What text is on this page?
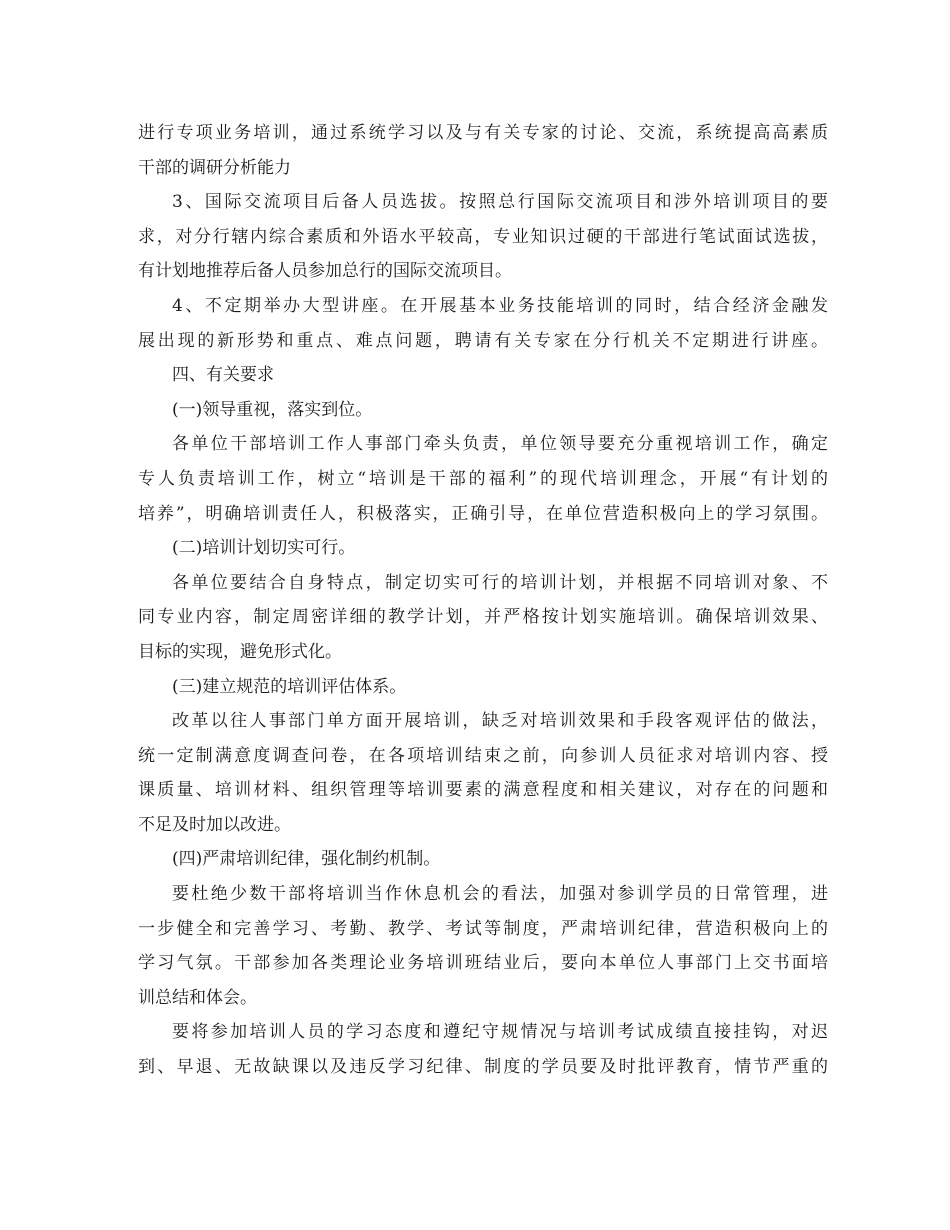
进行专项业务培训，通过系统学习以及与有关专家的讨论、交流，系统提高高素质
干部的调研分析能力
3、国际交流项目后备人员选拔。按照总行国际交流项目和涉外培训项目的要
求，对分行辖内综合素质和外语水平较高，专业知识过硬的干部进行笔试面试选拔，
有计划地推荐后备人员参加总行的国际交流项目。
4、不定期举办大型讲座。在开展基本业务技能培训的同时，结合经济金融发
展出现的新形势和重点、难点问题，聘请有关专家在分行机关不定期进行讲座。
四、有关要求
(一)领导重视，落实到位。
各单位干部培训工作人事部门牵头负责，单位领导要充分重视培训工作，确定
专人负责培训工作，树立“培训是干部的福利”的现代培训理念，开展“有计划的
培养”，明确培训责任人，积极落实，正确引导，在单位营造积极向上的学习氛围。
(二)培训计划切实可行。
各单位要结合自身特点，制定切实可行的培训计划，并根据不同培训对象、不
同专业内容，制定周密详细的教学计划，并严格按计划实施培训。确保培训效果、
目标的实现，避免形式化。
(三)建立规范的培训评估体系。
改革以往人事部门单方面开展培训，缺乏对培训效果和手段客观评估的做法，
统一定制满意度调查问卷，在各项培训结束之前，向参训人员征求对培训内容、授
课质量、培训材料、组织管理等培训要素的满意程度和相关建议，对存在的问题和
不足及时加以改进。
(四)严肃培训纪律，强化制约机制。
要杜绝少数干部将培训当作休息机会的看法，加强对参训学员的日常管理，进
一步健全和完善学习、考勤、教学、考试等制度，严肃培训纪律，营造积极向上的
学习气氛。干部参加各类理论业务培训班结业后，要向本单位人事部门上交书面培
训总结和体会。
要将参加培训人员的学习态度和遵纪守规情况与培训考试成绩直接挂钩，对迟
到、早退、无故缺课以及违反学习纪律、制度的学员要及时批评教育，情节严重的
